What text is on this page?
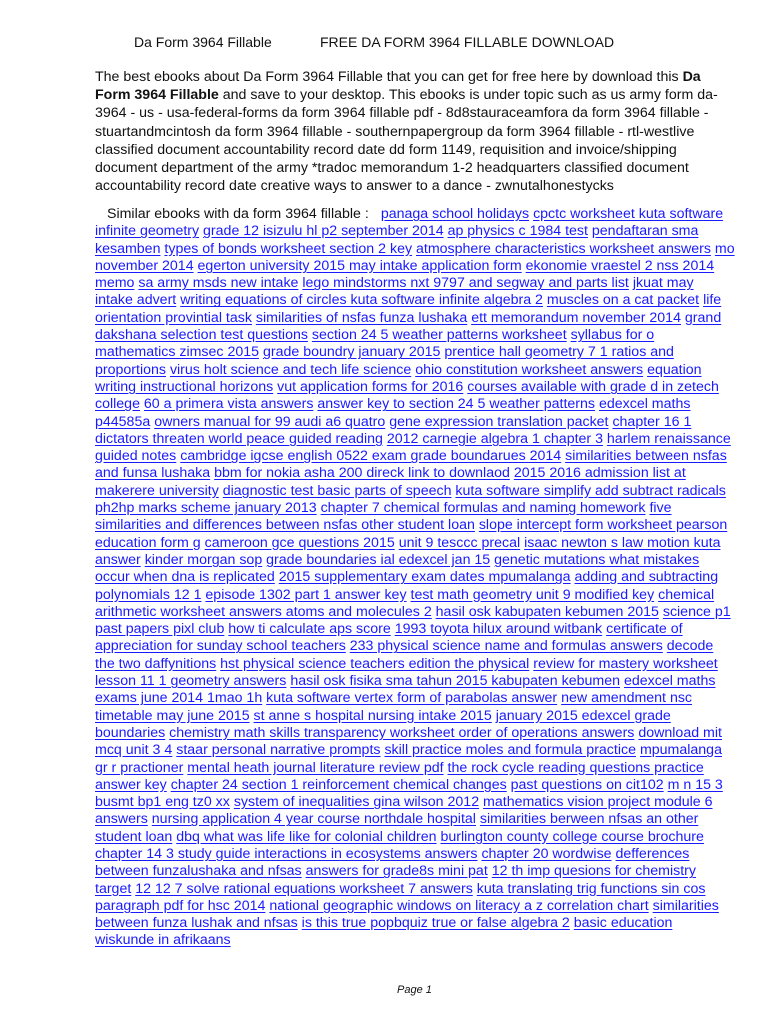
Da Form 3964 Fillable	FREE DA FORM 3964 FILLABLE DOWNLOAD
The best ebooks about Da Form 3964 Fillable that you can get for free here by download this Da Form 3964 Fillable and save to your desktop. This ebooks is under topic such as us army form da-3964 - us - usa-federal-forms da form 3964 fillable pdf - 8d8stauraceamfora da form 3964 fillable - stuartandmcintosh da form 3964 fillable - southernpapergroup da form 3964 fillable - rtl-westlive classified document accountability record date dd form 1149, requisition and invoice/shipping document department of the army *tradoc memorandum 1-2 headquarters classified document accountability record date creative ways to answer to a dance - zwnutalhonestycks
Similar ebooks with da form 3964 fillable : panaga school holidays cpctc worksheet kuta software infinite geometry grade 12 isizulu hl p2 september 2014 ap physics c 1984 test pendaftaran sma kesamben types of bonds worksheet section 2 key atmosphere characteristics worksheet answers mo november 2014 egerton university 2015 may intake application form ekonomie vraestel 2 nss 2014 memo sa army msds new intake lego mindstorms nxt 9797 and segway and parts list jkuat may intake advert writing equations of circles kuta software infinite algebra 2 muscles on a cat packet life orientation provintial task similarities of nsfas funza lushaka ett memorandum november 2014 grand dakshana selection test questions section 24 5 weather patterns worksheet syllabus for o mathematics zimsec 2015 grade boundry january 2015 prentice hall geometry 7 1 ratios and proportions virus holt science and tech life science ohio constitution worksheet answers equation writing instructional horizons vut application forms for 2016 courses available with grade d in zetech college 60 a primera vista answers answer key to section 24 5 weather patterns edexcel maths p44585a owners manual for 99 audi a6 quatro gene expression translation packet chapter 16 1 dictators threaten world peace guided reading 2012 carnegie algebra 1 chapter 3 harlem renaissance guided notes cambridge igcse english 0522 exam grade boundarues 2014 similarities between nsfas and funsa lushaka bbm for nokia asha 200 direck link to downlaod 2015 2016 admission list at makerere university diagnostic test basic parts of speech kuta software simplify add subtract radicals ph2hp marks scheme january 2013 chapter 7 chemical formulas and naming homework five similarities and differences between nsfas other student loan slope intercept form worksheet pearson education form g cameroon gce questions 2015 unit 9 tesccc precal isaac newton s law motion kuta answer kinder morgan sop grade boundaries ial edexcel jan 15 genetic mutations what mistakes occur when dna is replicated 2015 supplementary exam dates mpumalanga adding and subtracting polynomials 12 1 episode 1302 part 1 answer key test math geometry unit 9 modified key chemical arithmetic worksheet answers atoms and molecules 2 hasil osk kabupaten kebumen 2015 science p1 past papers pixl club how ti calculate aps score 1993 toyota hilux around witbank certificate of appreciation for sunday school teachers 233 physical science name and formulas answers decode the two daffynitions hst physical science teachers edition the physical review for mastery worksheet lesson 11 1 geometry answers hasil osk fisika sma tahun 2015 kabupaten kebumen edexcel maths exams june 2014 1mao 1h kuta software vertex form of parabolas answer new amendment nsc timetable may june 2015 st anne s hospital nursing intake 2015 january 2015 edexcel grade boundaries chemistry math skills transparency worksheet order of operations answers download mit mcq unit 3 4 staar personal narrative prompts skill practice moles and formula practice mpumalanga gr r practioner mental heath journal literature review pdf the rock cycle reading questions practice answer key chapter 24 section 1 reinforcement chemical changes past questions on cit102 m n 15 3 busmt bp1 eng tz0 xx system of inequalities gina wilson 2012 mathematics vision project module 6 answers nursing application 4 year course northdale hospital similarities berween nfsas an other student loan dbq what was life like for colonial children burlington county college course brochure chapter 14 3 study guide interactions in ecosystems answers chapter 20 wordwise defferences between funzalushaka and nfsas answers for grade8s mini pat 12 th imp quesions for chemistry target 12 12 7 solve rational equations worksheet 7 answers kuta translating trig functions sin cos paragraph pdf for hsc 2014 national geographic windows on literacy a z correlation chart similarities between funza lushak and nfsas is this true popbquiz true or false algebra 2 basic education wiskunde in afrikaans
Page 1
